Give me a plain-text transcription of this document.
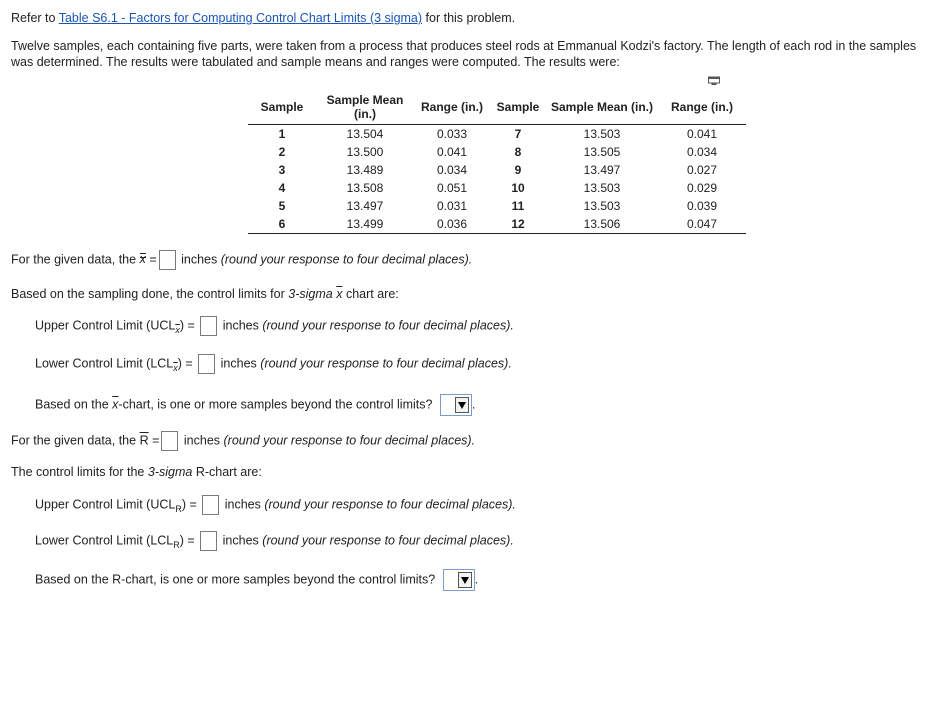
Refer to Table S6.1 - Factors for Computing Control Chart Limits (3 sigma) for this problem.
Twelve samples, each containing five parts, were taken from a process that produces steel rods at Emmanual Kodzi's factory. The length of each rod in the samples was determined. The results were tabulated and sample means and ranges were computed. The results were:
Sample	Sample Mean (in.)	Range (in.)	Sample	Sample Mean (in.)	Range (in.)
1	13.504	0.033	7	13.503	0.041
2	13.500	0.041	8	13.505	0.034
3	13.489	0.034	9	13.497	0.027
4	13.508	0.051	10	13.503	0.029
5	13.497	0.031	11	13.503	0.039
6	13.499	0.036	12	13.506	0.047
For the given data, the x = inches (round your response to four decimal places).
Based on the sampling done, the control limits for 3-sigma $\overline{x}$ chart are:
Upper Control Limit $(UCL_{\overline{x}})$ = inches (round your response to four decimal places).
Lower Control Limit $(LCL_{\overline{x}})$ = inches (round your response to four decimal places).
Based on the $\overline{x}$-chart, is one or more samples beyond the control limits?	.
For the given data, the $\overline{R}$ = inches (round your response to four decimal places).
The control limits for the 3-sigma R-chart are:
Upper Control Limit $(UCL_R)$ = inches (round your response to four decimal places).
Lower Control Limit $(LCL_R)$ = inches (round your response to four decimal places).
Based on the R-chart, is one or more samples beyond the control limits?	.
